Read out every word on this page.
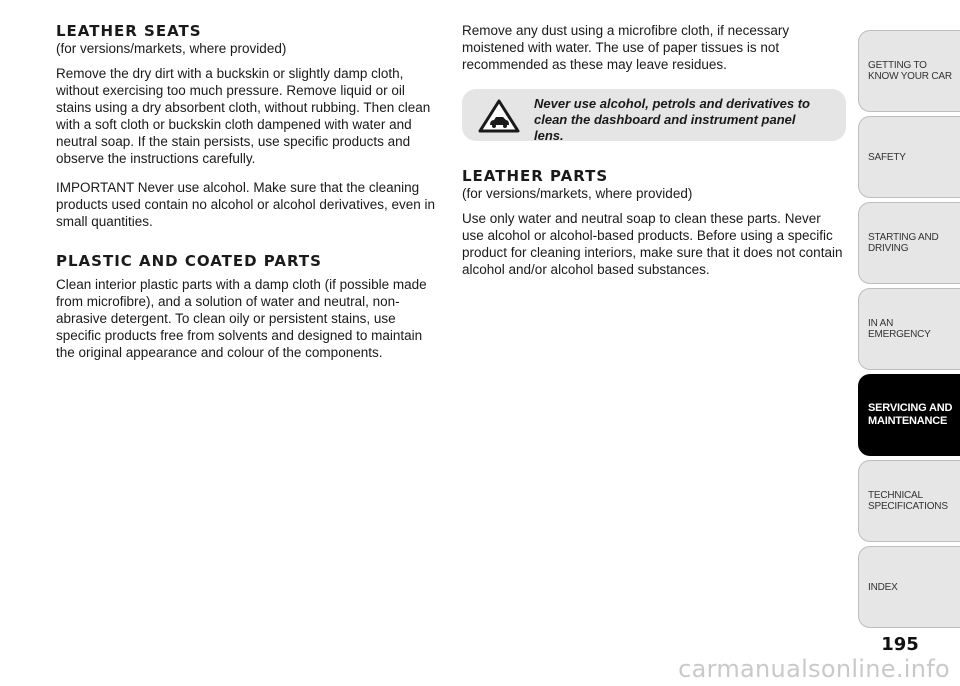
LEATHER SEATS

(for versions/markets, where provided)

Remove the dry dirt with a buckskin or slightly damp cloth, without exercising too much pressure. Remove liquid or oil stains using a dry absorbent cloth, without rubbing. Then clean with a soft cloth or buckskin cloth dampened with water and neutral soap. If the stain persists, use specific products and observe the instructions carefully.

IMPORTANT Never use alcohol. Make sure that the cleaning products used contain no alcohol or alcohol derivatives, even in small quantities.

PLASTIC AND COATED PARTS

Clean interior plastic parts with a damp cloth (if possible made from microfibre), and a solution of water and neutral, non-abrasive detergent. To clean oily or persistent stains, use specific products free from solvents and designed to maintain the original appearance and colour of the components.

Remove any dust using a microfibre cloth, if necessary moistened with water. The use of paper tissues is not recommended as these may leave residues.

Never use alcohol, petrols and derivatives to clean the dashboard and instrument panel lens.
LEATHER PARTS

(for versions/markets, where provided)

Use only water and neutral soap to clean these parts. Never use alcohol or alcohol-based products. Before using a specific product for cleaning interiors, make sure that it does not contain alcohol and/or alcohol based substances.

GETTING TO KNOW YOUR CAR
SAFETY
STARTING AND DRIVING
IN AN EMERGENCY
SERVICING AND MAINTENANCE
TECHNICAL SPECIFICATIONS
INDEX
195
carmanualsonline.info
